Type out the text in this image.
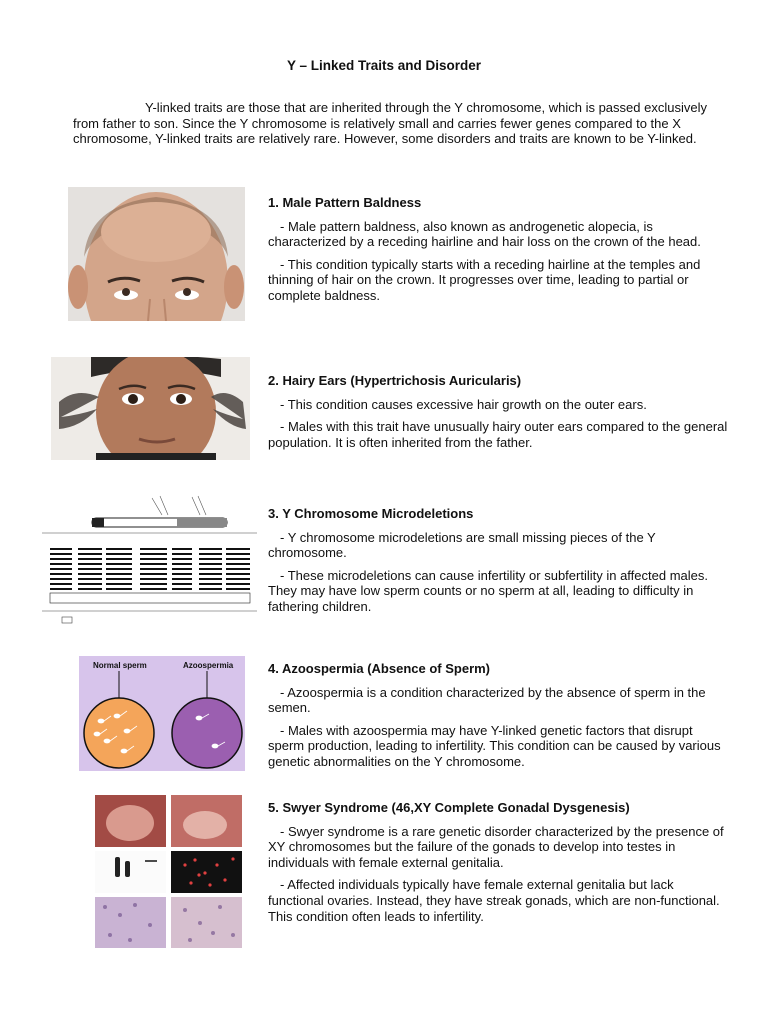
Y – Linked Traits and Disorder
Y-linked traits are those that are inherited through the Y chromosome, which is passed exclusively from father to son. Since the Y chromosome is relatively small and carries fewer genes compared to the X chromosome, Y-linked traits are relatively rare. However, some disorders and traits are known to be Y-linked.
1. Male Pattern Baldness

- Male pattern baldness, also known as androgenetic alopecia, is characterized by a receding hairline and hair loss on the crown of the head.

- This condition typically starts with a receding hairline at the temples and thinning of hair on the crown. It progresses over time, leading to partial or complete baldness.

2. Hairy Ears (Hypertrichosis Auricularis)

- This condition causes excessive hair growth on the outer ears.

- Males with this trait have unusually hairy outer ears compared to the general population. It is often inherited from the father.

3. Y Chromosome Microdeletions

- Y chromosome microdeletions are small missing pieces of the Y chromosome.

- These microdeletions can cause infertility or subfertility in affected males. They may have low sperm counts or no sperm at all, leading to difficulty in fathering children.

Normal sperm	Azoospermia	4. Azoospermia (Absence of Sperm)

- Azoospermia is a condition characterized by the absence of sperm in the semen.

- Males with azoospermia may have Y-linked genetic factors that disrupt sperm production, leading to infertility. This condition can be caused by various genetic abnormalities on the Y chromosome.

5. Swyer Syndrome (46,XY Complete Gonadal Dysgenesis)

- Swyer syndrome is a rare genetic disorder characterized by the presence of XY chromosomes but the failure of the gonads to develop into testes in individuals with female external genitalia.

- Affected individuals typically have female external genitalia but lack functional ovaries. Instead, they have streak gonads, which are non-functional. This condition often leads to infertility.
